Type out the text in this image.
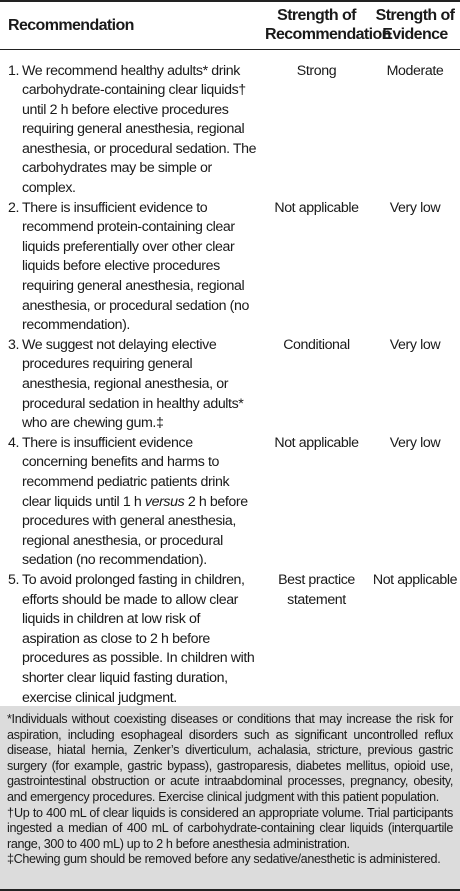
Recommendation	Strength of Recommendation	Strength of Evidence

1. We recommend healthy adults* drink carbohydrate-containing clear liquids† until 2 h before elective procedures requiring general anesthesia, regional anesthesia, or procedural sedation. The carbohydrates may be simple or complex.	Strong	Moderate

2. There is insufficient evidence to recommend protein-containing clear liquids preferentially over other clear liquids before elective procedures requiring general anesthesia, regional anesthesia, or procedural sedation (no recommendation).	Not applicable	Very low

3. We suggest not delaying elective procedures requiring general anesthesia, regional anesthesia, or procedural sedation in healthy adults* who are chewing gum.‡	Conditional	Very low

4. There is insufficient evidence concerning benefits and harms to recommend pediatric patients drink clear liquids until 1 h versus 2 h before procedures with general anesthesia, regional anesthesia, or procedural sedation (no recommendation).	Not applicable	Very low

5. To avoid prolonged fasting in children, efforts should be made to allow clear liquids in children at low risk of aspiration as close to 2 h before procedures as possible. In children with shorter clear liquid fasting duration, exercise clinical judgment.	Best practice statement	Not applicable

*Individuals without coexisting diseases or conditions that may increase the risk for aspiration, including esophageal disorders such as significant uncontrolled reflux disease, hiatal hernia, Zenker’s diverticulum, achalasia, stricture, previous gastric surgery (for example, gastric bypass), gastroparesis, diabetes mellitus, opioid use, gastrointestinal obstruction or acute intraabdominal processes, pregnancy, obesity, and emergency procedures. Exercise clinical judgment with this patient population.

†Up to 400 mL of clear liquids is considered an appropriate volume. Trial participants ingested a median of 400 mL of carbohydrate-containing clear liquids (interquartile range, 300 to 400 mL) up to 2 h before anesthesia administration.

‡Chewing gum should be removed before any sedative/anesthetic is administered.
